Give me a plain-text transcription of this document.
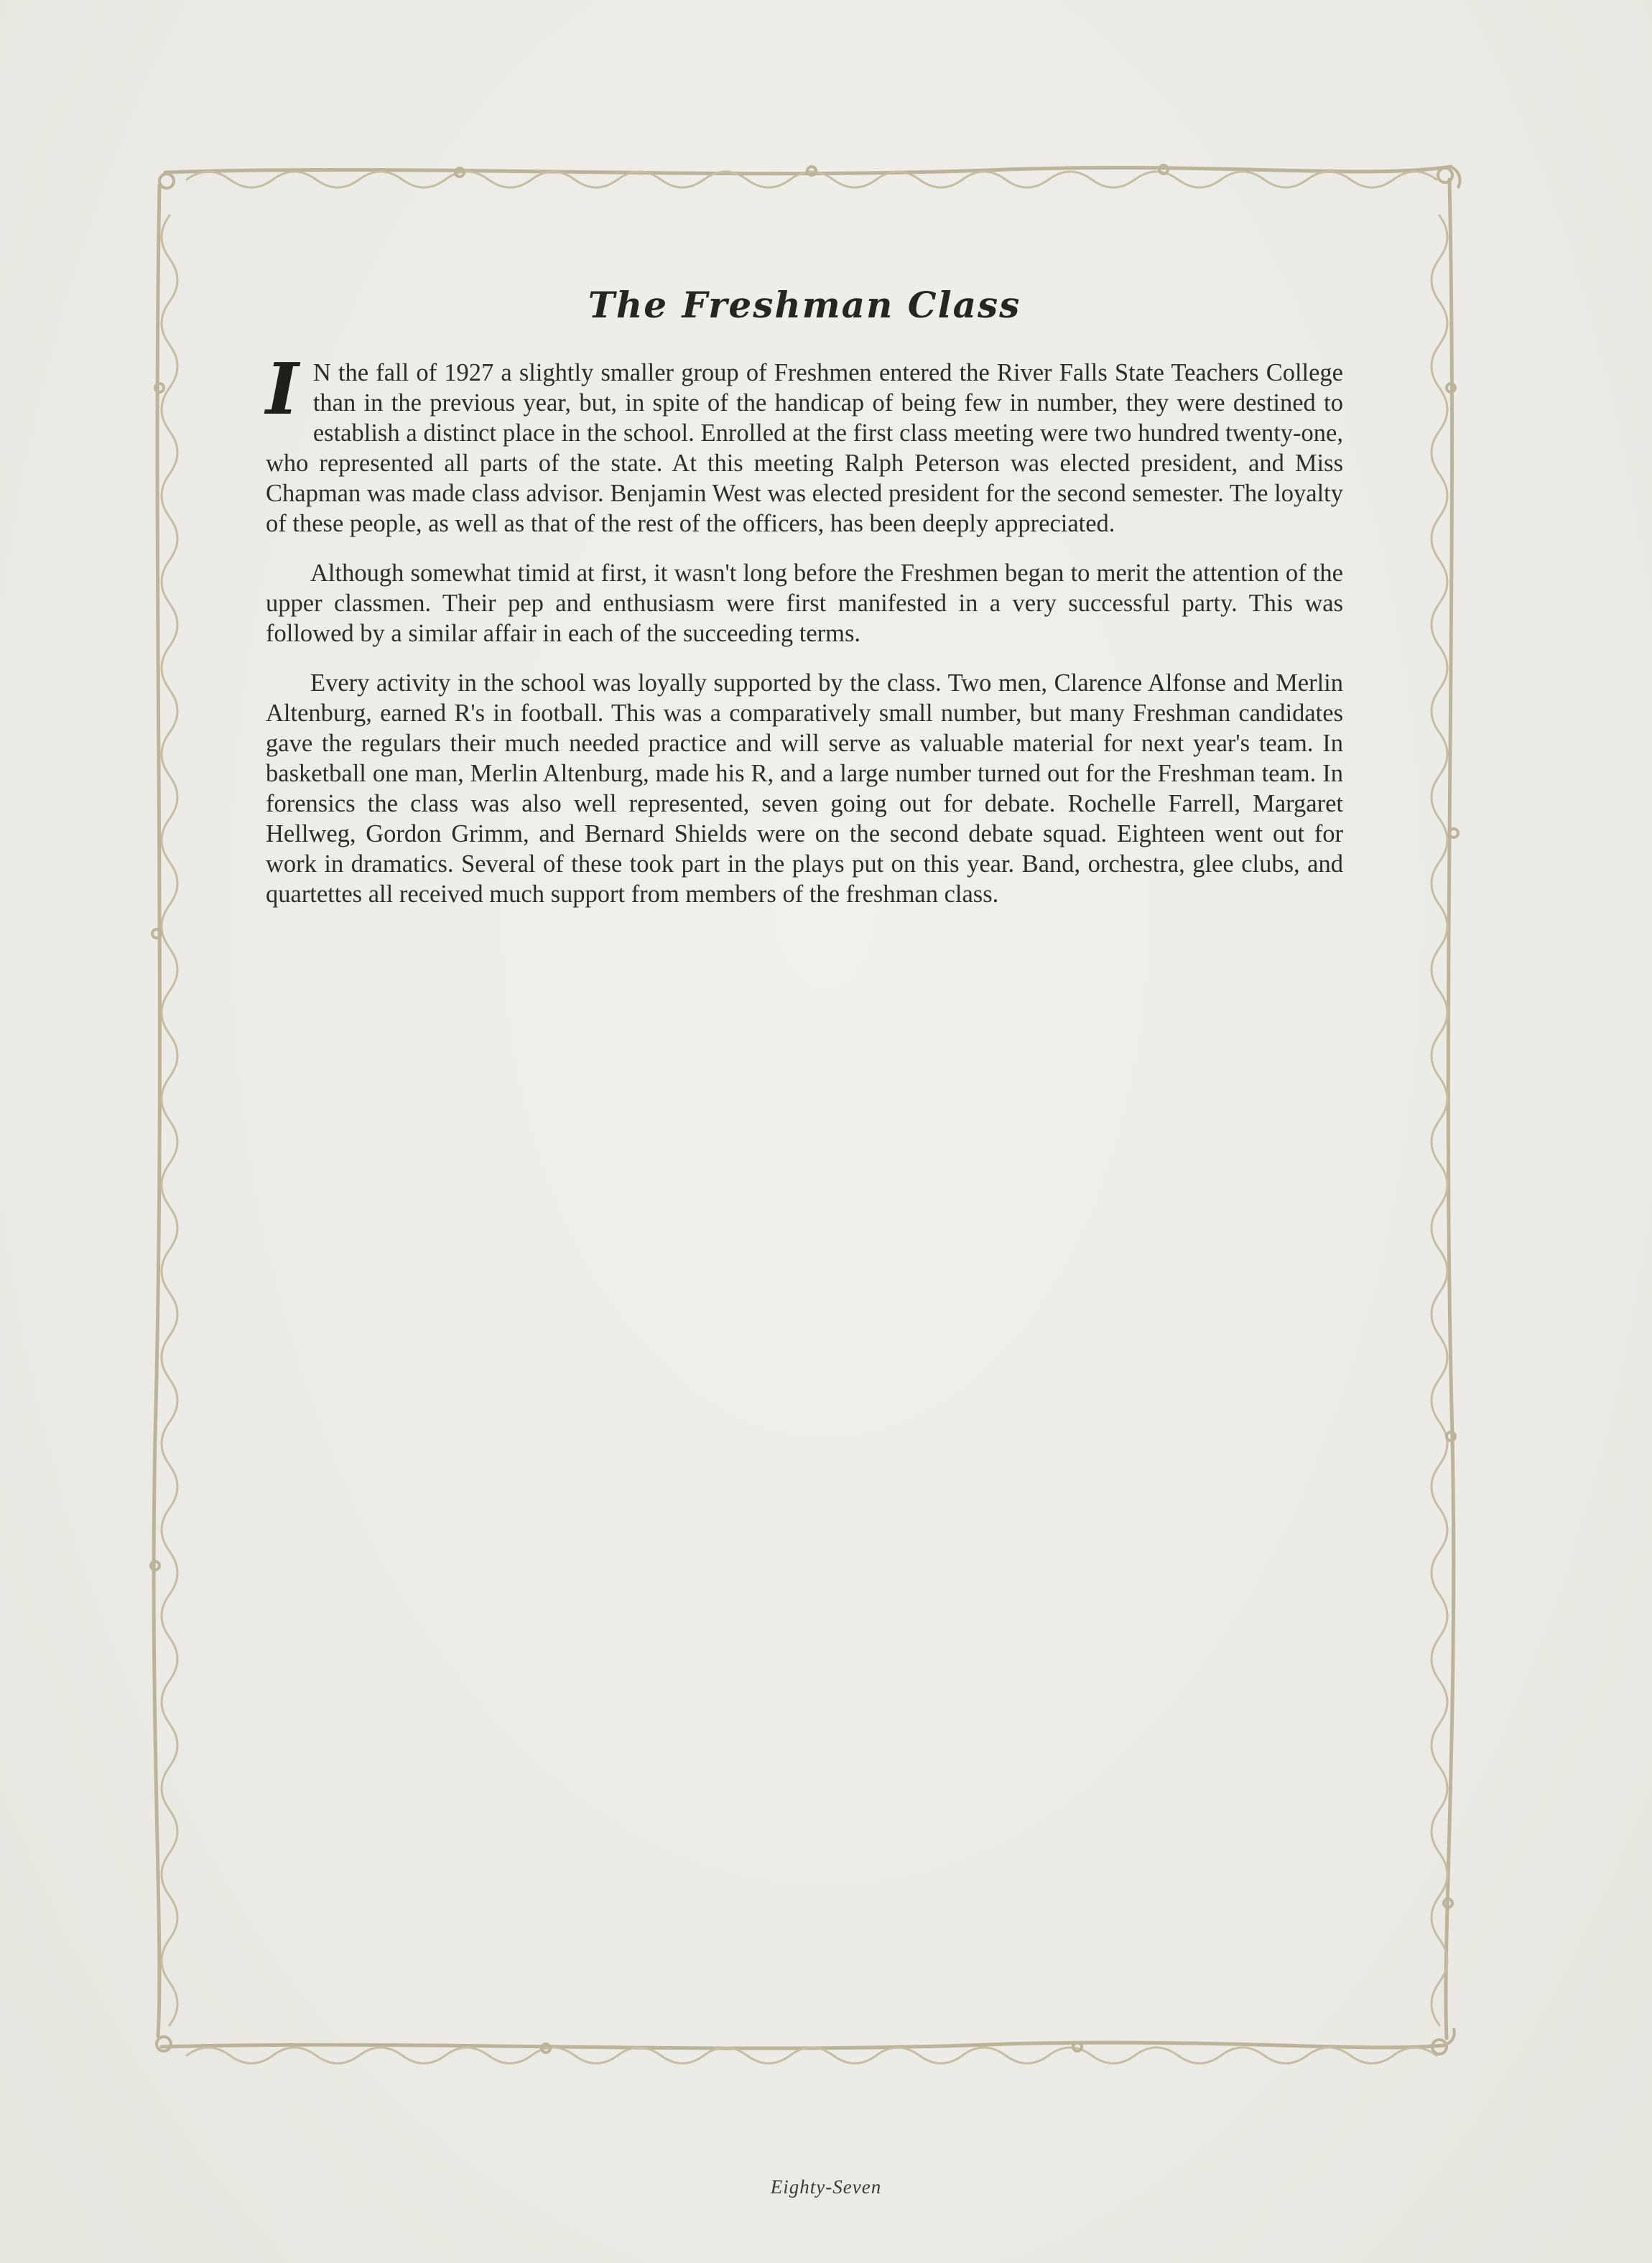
The Freshman Class

I N the fall of 1927 a slightly smaller group of Freshmen entered the River Falls State Teachers College than in the previous year, but, in spite of the handicap of being few in number, they were destined to establish a distinct place in the school. Enrolled at the first class meeting were two hundred twenty-one, who represented all parts of the state. At this meeting Ralph Peterson was elected president, and Miss Chapman was made class advisor. Benjamin West was elected president for the second semester. The loyalty of these people, as well as that of the rest of the officers, has been deeply appreciated.

Although somewhat timid at first, it wasn't long before the Freshmen began to merit the attention of the upper classmen. Their pep and enthusiasm were first manifested in a very successful party. This was followed by a similar affair in each of the succeeding terms.

Every activity in the school was loyally supported by the class. Two men, Clarence Alfonse and Merlin Altenburg, earned R's in football. This was a comparatively small number, but many Freshman candidates gave the regulars their much needed practice and will serve as valuable material for next year's team. In basketball one man, Merlin Altenburg, made his R, and a large number turned out for the Freshman team. In forensics the class was also well represented, seven going out for debate. Rochelle Farrell, Margaret Hellweg, Gordon Grimm, and Bernard Shields were on the second debate squad. Eighteen went out for work in dramatics. Several of these took part in the plays put on this year. Band, orchestra, glee clubs, and quartettes all received much support from members of the freshman class.

Eighty-Seven
